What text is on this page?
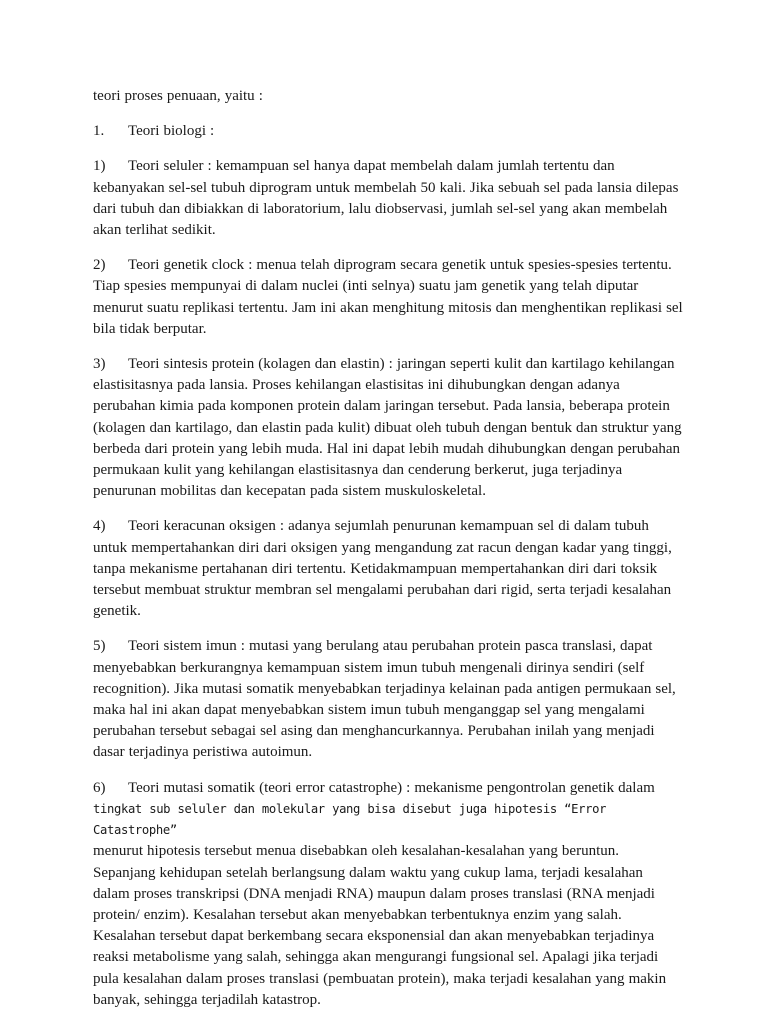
teori proses penuaan, yaitu :

1. Teori biologi :

1) Teori seluler : kemampuan sel hanya dapat membelah dalam jumlah tertentu dan kebanyakan sel-sel tubuh diprogram untuk membelah 50 kali. Jika sebuah sel pada lansia dilepas dari tubuh dan dibiakkan di laboratorium, lalu diobservasi, jumlah sel-sel yang akan membelah akan terlihat sedikit.

2) Teori genetik clock : menua telah diprogram secara genetik untuk spesies-spesies tertentu. Tiap spesies mempunyai di dalam nuclei (inti selnya) suatu jam genetik yang telah diputar menurut suatu replikasi tertentu. Jam ini akan menghitung mitosis dan menghentikan replikasi sel bila tidak berputar.

3) Teori sintesis protein (kolagen dan elastin) : jaringan seperti kulit dan kartilago kehilangan elastisitasnya pada lansia. Proses kehilangan elastisitas ini dihubungkan dengan adanya perubahan kimia pada komponen protein dalam jaringan tersebut. Pada lansia, beberapa protein (kolagen dan kartilago, dan elastin pada kulit) dibuat oleh tubuh dengan bentuk dan struktur yang berbeda dari protein yang lebih muda. Hal ini dapat lebih mudah dihubungkan dengan perubahan permukaan kulit yang kehilangan elastisitasnya dan cenderung berkerut, juga terjadinya penurunan mobilitas dan kecepatan pada sistem muskuloskeletal.

4) Teori keracunan oksigen : adanya sejumlah penurunan kemampuan sel di dalam tubuh untuk mempertahankan diri dari oksigen yang mengandung zat racun dengan kadar yang tinggi, tanpa mekanisme pertahanan diri tertentu. Ketidakmampuan mempertahankan diri dari toksik tersebut membuat struktur membran sel mengalami perubahan dari rigid, serta terjadi kesalahan genetik.

5) Teori sistem imun : mutasi yang berulang atau perubahan protein pasca translasi, dapat menyebabkan berkurangnya kemampuan sistem imun tubuh mengenali dirinya sendiri (self recognition). Jika mutasi somatik menyebabkan terjadinya kelainan pada antigen permukaan sel, maka hal ini akan dapat menyebabkan sistem imun tubuh menganggap sel yang mengalami perubahan tersebut sebagai sel asing dan menghancurkannya. Perubahan inilah yang menjadi dasar terjadinya peristiwa autoimun.

6) Teori mutasi somatik (teori error catastrophe) : mekanisme pengontrolan genetik dalam
tingkat sub seluler dan molekular yang bisa disebut juga hipotesis “Error Catastrophe”
menurut hipotesis tersebut menua disebabkan oleh kesalahan-kesalahan yang beruntun. Sepanjang kehidupan setelah berlangsung dalam waktu yang cukup lama, terjadi kesalahan dalam proses transkripsi (DNA menjadi RNA) maupun dalam proses translasi (RNA menjadi protein/ enzim). Kesalahan tersebut akan menyebabkan terbentuknya enzim yang salah. Kesalahan tersebut dapat berkembang secara eksponensial dan akan menyebabkan terjadinya reaksi metabolisme yang salah, sehingga akan mengurangi fungsional sel. Apalagi jika terjadi pula kesalahan dalam proses translasi (pembuatan protein), maka terjadi kesalahan yang makin banyak, sehingga terjadilah katastrop.
